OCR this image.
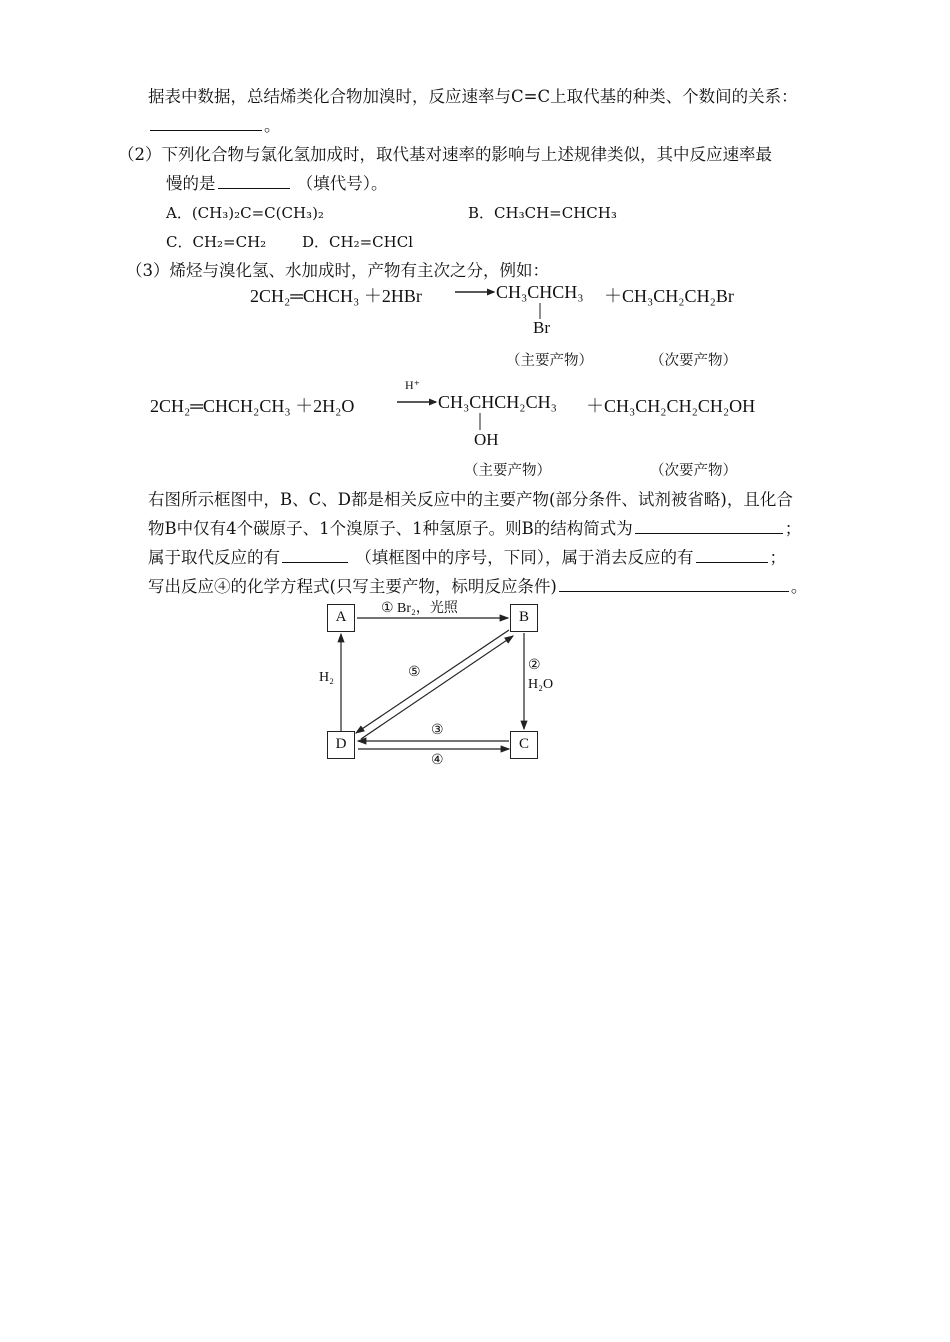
据表中数据，总结烯类化合物加溴时，反应速率与C=C上取代基的种类、个数间的关系：
。
（2）下列化合物与氯化氢加成时，取代基对速率的影响与上述规律类似，其中反应速率最
慢的是	（填代号）。
A．(CH₃)₂C=C(CH₃)₂	B．CH₃CH=CHCH₃
C．CH₂=CH₂ D．CH₂=CHCl
（3）烯烃与溴化氢、水加成时，产物有主次之分，例如：
2CH₂═CHCH₃ ＋2HBr	CH₃CHCH₃
Br
＋CH₃CH₂CH₂Br
（主要产物）	（次要产物）
2CH₂═CHCH₂CH₃ ＋2H₂O
H⁺
CH₃CHCH₂CH₃
OH
＋CH₃CH₂CH₂CH₂OH
（主要产物）	（次要产物）
右图所示框图中，B、C、D都是相关反应中的主要产物(部分条件、试剂被省略)，且化合
物B中仅有4个碳原子、1个溴原子、1种氢原子。则B的结构简式为	；
属于取代反应的有	（填框图中的序号，下同），属于消去反应的有	；
写出反应④的化学方程式(只写主要产物，标明反应条件)	。
A	B
C
D
① Br₂，光照
②
H₂O
H₂	⑤
③
④
